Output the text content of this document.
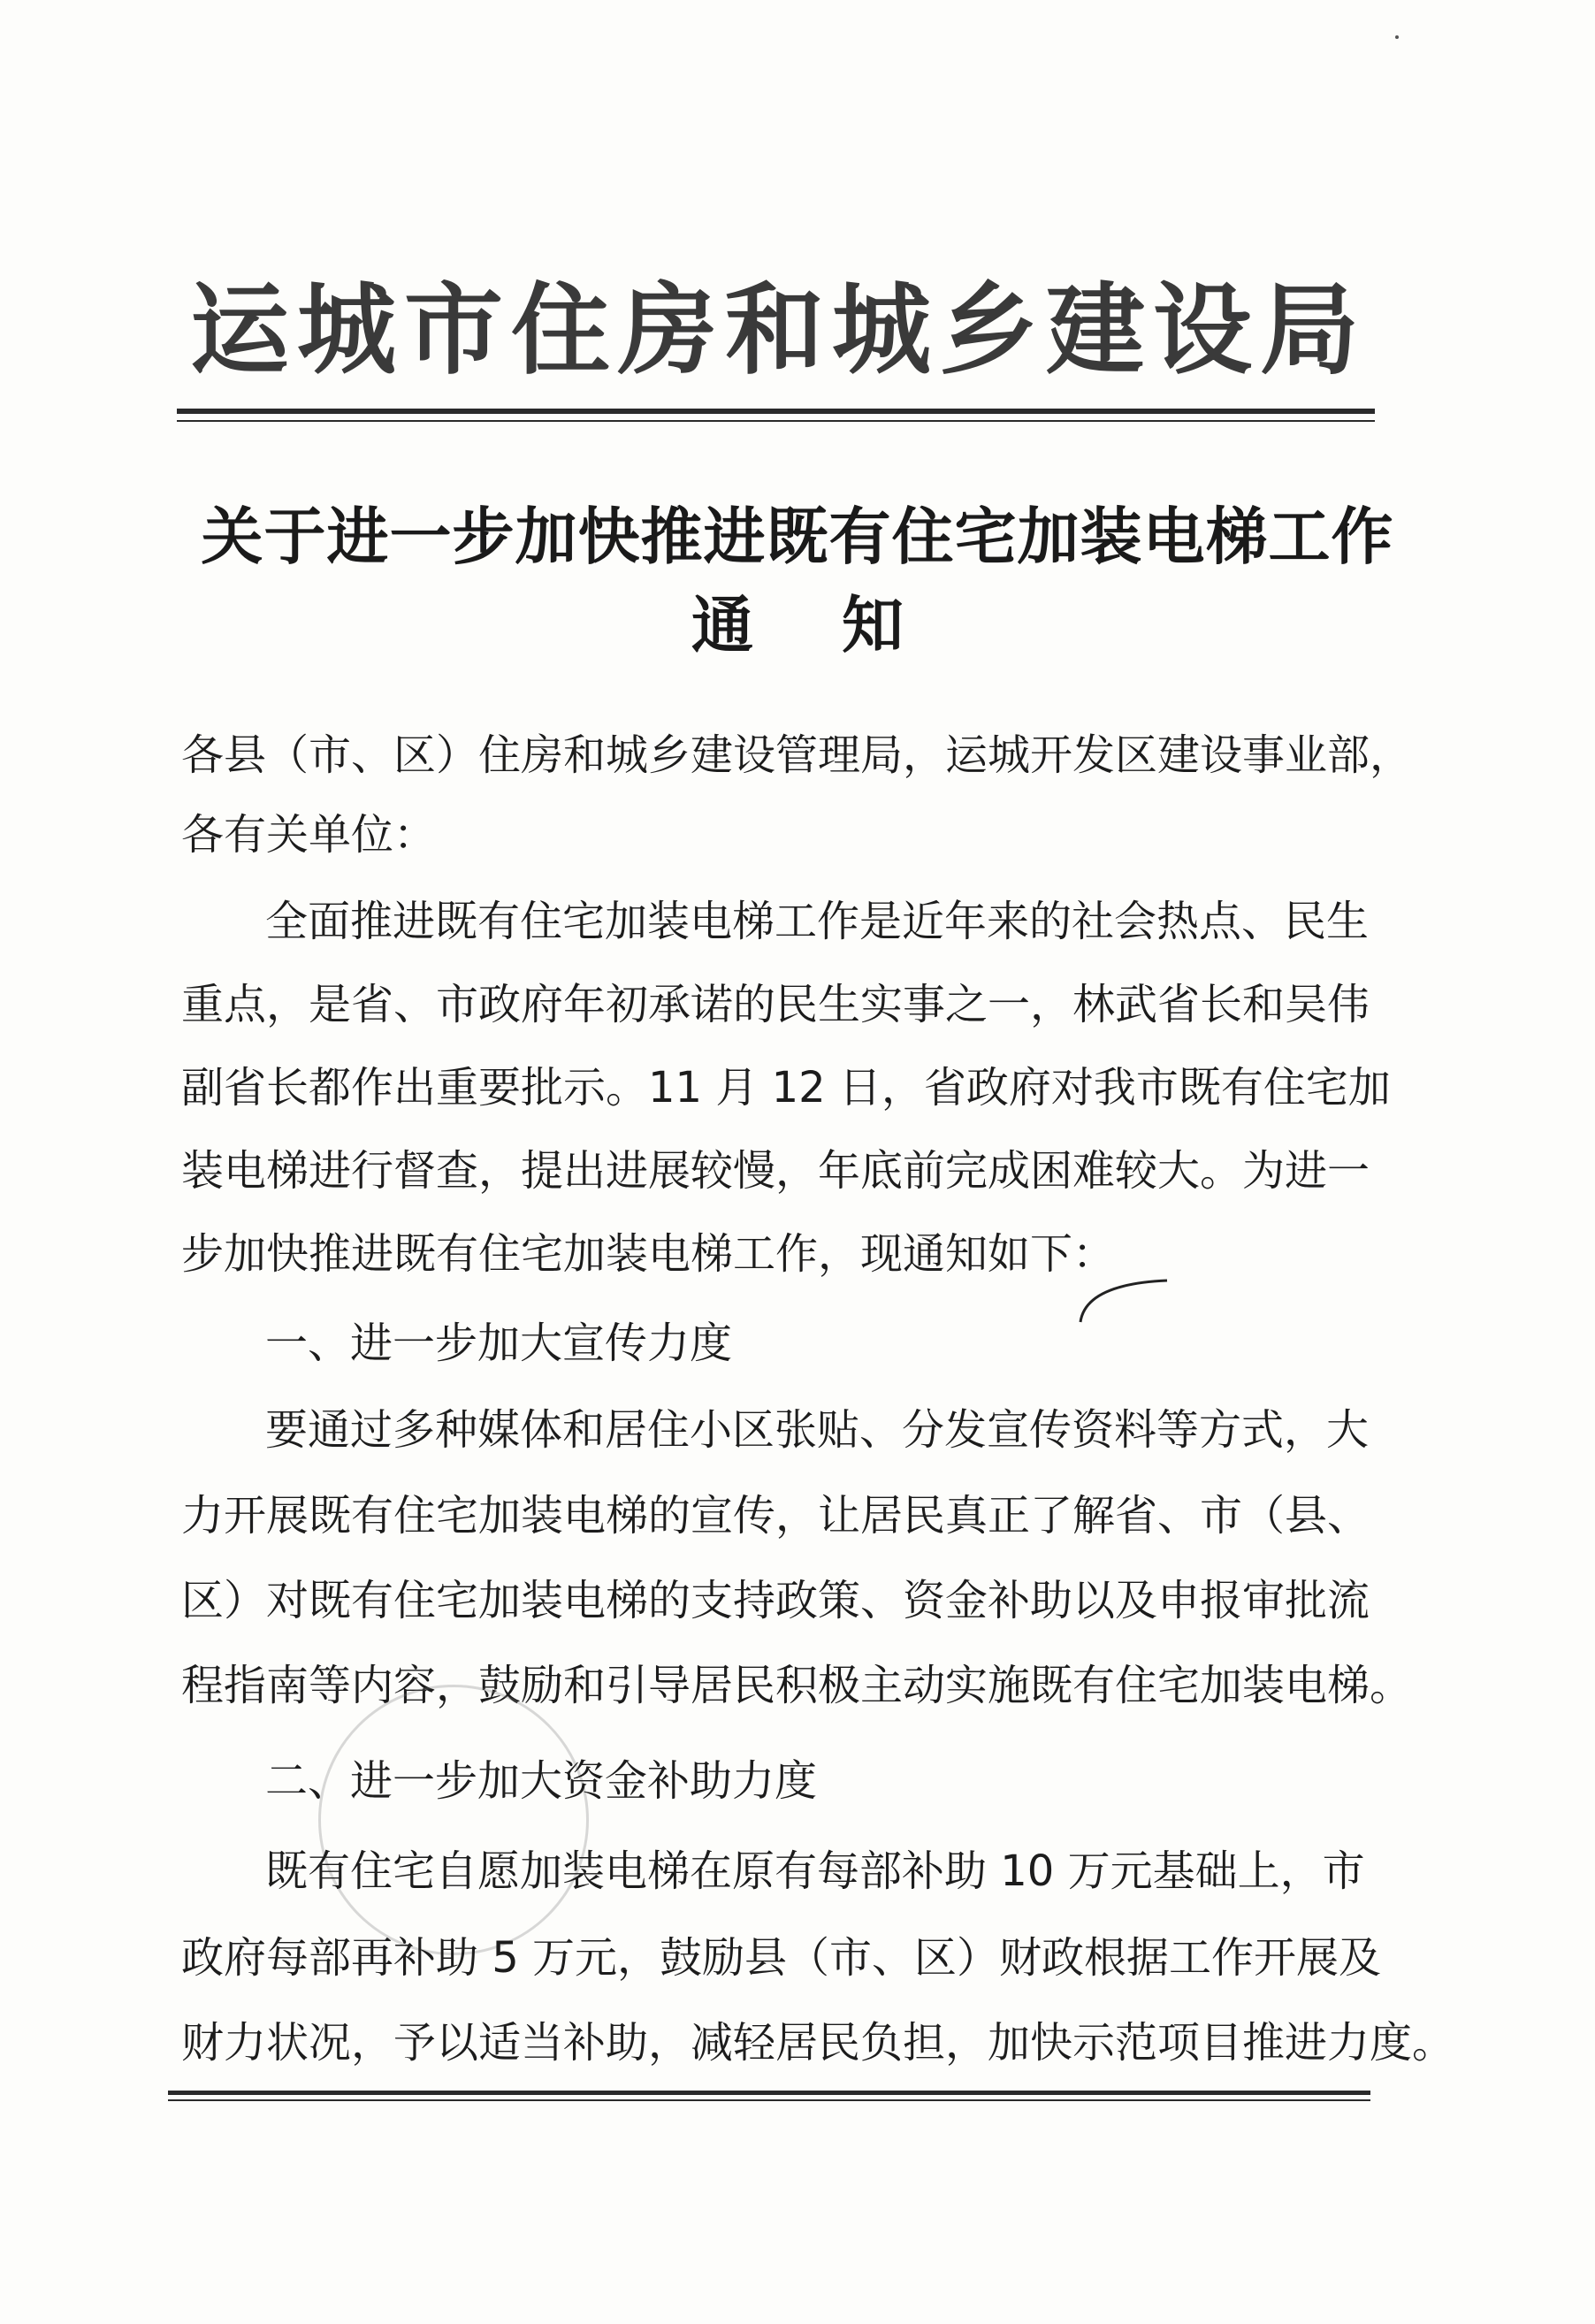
运城市住房和城乡建设局
关于进一步加快推进既有住宅加装电梯工作
通知
各县（市、区）住房和城乡建设管理局，运城开发区建设事业部，
各有关单位：
全面推进既有住宅加装电梯工作是近年来的社会热点、民生
重点，是省、市政府年初承诺的民生实事之一，林武省长和吴伟
副省长都作出重要批示。11 月 12 日，省政府对我市既有住宅加
装电梯进行督查，提出进展较慢，年底前完成困难较大。为进一
步加快推进既有住宅加装电梯工作，现通知如下：
一、进一步加大宣传力度
要通过多种媒体和居住小区张贴、分发宣传资料等方式，大
力开展既有住宅加装电梯的宣传，让居民真正了解省、市（县、
区）对既有住宅加装电梯的支持政策、资金补助以及申报审批流
程指南等内容，鼓励和引导居民积极主动实施既有住宅加装电梯。
二、进一步加大资金补助力度
既有住宅自愿加装电梯在原有每部补助 10 万元基础上，市
政府每部再补助 5 万元，鼓励县（市、区）财政根据工作开展及
财力状况，予以适当补助，减轻居民负担，加快示范项目推进力度。
